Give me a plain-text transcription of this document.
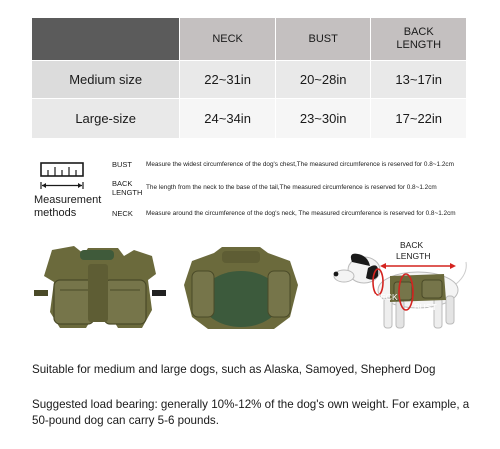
	NECK	BUST	BACK
LENGTH
Medium size	22~31in	20~28in	13~17in
Large-size	24~34in	23~30in	17~22in
Measurement
methods
BUST	Measure the widest circumference of the dog's chest,The measured circumference is reserved for 0.8~1.2cm
BACK
LENGTH
The length from the neck to the base of the tail,The measured circumference is reserved for 0.8~1.2cm
NECK	Measure around the circumference of the dog's neck, The measured circumference is reserved for 0.8~1.2cm
BACK
LENGTH
NECK
BUST
Suitable for medium and large dogs, such as Alaska, Samoyed, Shepherd Dog
Suggested load bearing: generally 10%-12% of the dog's own weight. For example, a 50-pound dog can carry 5-6 pounds.
